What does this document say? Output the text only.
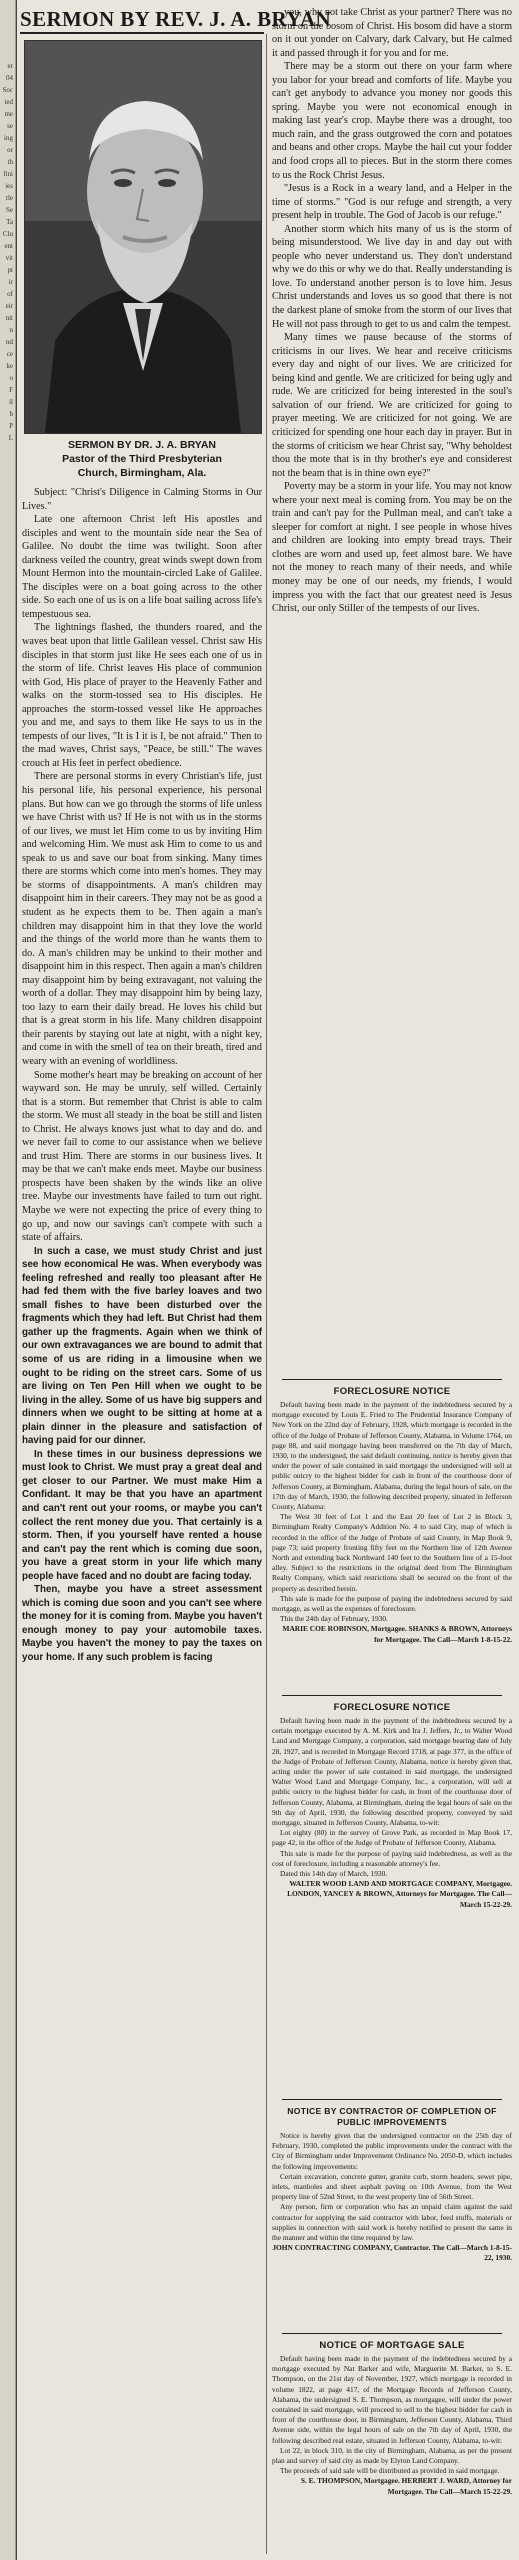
er
04
Soc
ied
me
se
ing
or
th
fini
ies
tle
Se
Ta
Clu
ent
vit
pt
ir
of
eir
nit
n
nd
ce
ke
o
F
il
h
P
L
SERMON BY REV. J. A. BRYAN
SERMON BY DR. J. A. BRYAN
Pastor of the Third Presbyterian
Church, Birmingham, Ala.

Subject: "Christ's Diligence in Calming Storms in Our Lives."

Late one afternoon Christ left His apostles and disciples and went to the mountain side near the Sea of Galilee. No doubt the time was twilight. Soon after darkness veiled the country, great winds swept down from Mount Hermon into the mountain-circled Lake of Galilee. The disciples were on a boat going across to the other side. So each one of us is on a life boat sailing across life's tempestuous sea.

The lightnings flashed, the thunders roared, and the waves beat upon that little Galilean vessel. Christ saw His disciples in that storm just like He sees each one of us in the storm of life. Christ leaves His place of communion with God, His place of prayer to the Heavenly Father and walks on the storm-tossed sea to His disciples. He approaches the storm-tossed vessel like He approaches you and me, and says to them like He says to us in the tempests of our lives, "It is I it is I, be not afraid." Then to the mad waves, Christ says, "Peace, be still." The waves crouch at His feet in perfect obedience.

There are personal storms in every Christian's life, just his personal life, his personal experience, his personal plans. But how can we go through the storms of life unless we have Christ with us? If He is not with us in the storms of our lives, we must let Him come to us by inviting Him and welcoming Him. We must ask Him to come to us and speak to us and save our boat from sinking. Many times there are storms which come into men's homes. They may be storms of disappointments. A man's children may disappoint him in their careers. They may not be as good a student as he expects them to be. Then again a man's children may disappoint him in that they love the world and the things of the world more than he wants them to do. A man's children may be unkind to their mother and disappoint him in this respect. Then again a man's children may disappoint him by being extravagant, not valuing the worth of a dollar. They may disappoint him by being lazy, too lazy to earn their daily bread. He loves his child but that is a great storm in his life. Many children disappoint their parents by staying out late at night, with a night key, and come in with the smell of tea on their breath, tired and weary with an evening of worldliness.

Some mother's heart may be breaking on account of her wayward son. He may be unruly, self willed. Certainly that is a storm. But remember that Christ is able to calm the storm. We must all steady in the boat be still and listen to Christ. He always knows just what to day and do. and we never fail to come to our assistance when we believe and trust Him. There are storms in our business lives. It may be that we can't make ends meet. Maybe our business prospects have been shaken by the winds like an olive tree. Maybe our investments have failed to turn out right. Maybe we were not expecting the price of every thing to go up, and now our savings can't compete with such a state of affairs.

In such a case, we must study Christ and just see how economical He was. When everybody was feeling refreshed and really too pleasant after He had fed them with the five barley loaves and two small fishes to have been disturbed over the fragments which they had left. But Christ had them gather up the fragments. Again when we think of our own extravagances we are bound to admit that some of us are riding in a limousine when we ought to be riding on the street cars. Some of us are living on Ten Pen Hill when we ought to be living in the alley. Some of us have big suppers and dinners when we ought to be sitting at home at a plain dinner in the pleasure and satisfaction of having paid for our dinner.

In these times in our business depressions we must look to Christ. We must pray a great deal and get closer to our Partner. We must make Him a Confidant. It may be that you have an apartment and can't rent out your rooms, or maybe you can't collect the rent money due you. That certainly is a storm. Then, if you yourself have rented a house and can't pay the rent which is coming due soon, you have a great storm in your life which many people have faced and no doubt are facing today.

Then, maybe you have a street assessment which is coming due soon and you can't see where the money for it is coming from. Maybe you haven't enough money to pay your automobile taxes. Maybe you haven't the money to pay the taxes on your home. If any such problem is facing

you, why not take Christ as your partner? There was no storm on the bosom of Christ. His bosom did have a storm on it out yonder on Calvary, dark Calvary, but He calmed it and passed through it for you and for me.

There may be a storm out there on your farm where you labor for your bread and comforts of life. Maybe you can't get anybody to advance you money nor goods this spring. Maybe you were not economical enough in making last year's crop. Maybe there was a drought, too much rain, and the grass outgrowed the corn and potatoes and beans and other crops. Maybe the hail cut your fodder and food crops all to pieces. But in the storm there comes to us the Rock Christ Jesus.

"Jesus is a Rock in a weary land, and a Helper in the time of storms." "God is our refuge and strength, a very present help in trouble. The God of Jacob is our refuge."

Another storm which hits many of us is the storm of being misunderstood. We live day in and day out with people who never understand us. They don't understand why we do this or why we do that. Really understanding is love. To understand another person is to love him. Jesus Christ understands and loves us so good that there is not the darkest plane of smoke from the storm of our lives that He will not pass through to get to us and calm the tempest.

Many times we pause because of the storms of criticisms in our lives. We hear and receive criticisms every day and night of our lives. We are criticized for being kind and gentle. We are criticized for being ugly and rude. We are criticized for being interested in the soul's salvation of our friend. We are criticized for going to prayer meeting. We are criticized for not going. We are criticized for spending one hour each day in prayer. But in the storms of criticism we hear Christ say, "Why beholdest thou the mote that is in thy brother's eye and considerest not the beam that is in thine own eye?"

Poverty may be a storm in your life. You may not know where your next meal is coming from. You may be on the train and can't pay for the Pullman meal, and can't take a sleeper for comfort at night. I see people in whose hives and children are looking into empty bread trays. Their clothes are worn and used up, feet almost bare. We have not the money to reach many of their needs, and while money may be one of our needs, my friends, I would impress you with the fact that our greatest need is Jesus Christ, our only Stiller of the tempests of our lives.

FORECLOSURE NOTICE

Default having been made in the payment of the indebtedness secured by a mortgage executed by Louis E. Fried to The Prudential Insurance Company of New York on the 22nd day of February, 1928, which mortgage is recorded in the office of the Judge of Probate of Jefferson County, Alabama, in Volume 1764, on page 88, and said mortgage having been transferred on the 7th day of March, 1930, to the undersigned, the said default continuing, notice is hereby given that under the power of sale contained in said mortgage the undersigned will sell at public outcry to the highest bidder for cash in front of the courthouse door of Jefferson County, at Birmingham, Alabama, during the legal hours of sale, on the 17th day of March, 1930, the following described property, situated in Jefferson County, Alabama:

The West 30 feet of Lot 1 and the East 20 feet of Lot 2 in Block 3, Birmingham Realty Company's Addition No. 4 to said City, map of which is recorded in the office of the Judge of Probate of said County, in Map Book 9, page 73; said property fronting fifty feet on the Northern line of 12th Avenue North and extending back Northward 140 feet to the Southern line of a 15-foot alley. Subject to the restrictions in the original deed from The Birmingham Realty Company, which said restrictions shall be secured on the front of the property as described herein.

This sale is made for the purpose of paying the indebtedness secured by said mortgage, as well as the expenses of foreclosure.

This the 24th day of February, 1930.

MARIE COE ROBINSON, Mortgagee. SHANKS & BROWN, Attorneys for Mortgagee. The Call—March 1-8-15-22.

FORECLOSURE NOTICE

Default having been made in the payment of the indebtedness secured by a certain mortgage executed by A. M. Kirk and Ira J. Jeffers, Jr., to Walter Wood Land and Mortgage Company, a corporation, said mortgage bearing date of July 28, 1927, and is recorded in Mortgage Record 1718, at page 377, in the office of the Judge of Probate of Jefferson County, Alabama, notice is hereby given that, acting under the power of sale contained in said mortgage, the undersigned Walter Wood Land and Mortgage Company, Inc., a corporation, will sell at public outcry to the highest bidder for cash, in front of the courthouse door of Jefferson County, Alabama, at Birmingham, during the legal hours of sale on the 9th day of April, 1930, the following described property, conveyed by said mortgage, situated in Jefferson County, Alabama, to-wit:

Lot eighty (80) in the survey of Grove Park, as recorded in Map Book 17, page 42, in the office of the Judge of Probate of Jefferson County, Alabama.

This sale is made for the purpose of paying said indebtedness, as well as the cost of foreclosure, including a reasonable attorney's fee.

Dated this 14th day of March, 1930.

WALTER WOOD LAND AND MORTGAGE COMPANY, Mortgagee. LONDON, YANCEY & BROWN, Attorneys for Mortgagee. The Call—March 15-22-29.

NOTICE BY CONTRACTOR OF COMPLETION OF PUBLIC IMPROVEMENTS

Notice is hereby given that the undersigned contractor on the 25th day of February, 1930, completed the public improvements under the contract with the City of Birmingham under Improvement Ordinance No. 2050-D, which includes the following improvements:

Certain excavation, concrete gutter, granite curb, storm headers, sewer pipe, inlets, manholes and sheet asphalt paving on 10th Avenue, from the West property line of 52nd Street, to the west property line of 56th Street.

Any person, firm or corporation who has an unpaid claim against the said contractor for supplying the said contractor with labor, feed stuffs, materials or supplies in connection with said work is hereby notified to present the same in the manner and within the time required by law.

JOHN CONTRACTING COMPANY, Contractor. The Call—March 1-8-15-22, 1930.

NOTICE OF MORTGAGE SALE

Default having been made in the payment of the indebtedness secured by a mortgage executed by Nat Barker and wife, Marguerite M. Barker, to S. E. Thompson, on the 21st day of November, 1927, which mortgage is recorded in volume 1822, at page 417, of the Mortgage Records of Jefferson County, Alabama, the undersigned S. E. Thompson, as mortgagee, will under the power contained in said mortgage, will proceed to sell to the highest bidder for cash in front of the courthouse door, in Birmingham, Jefferson County, Alabama, Third Avenue side, within the legal hours of sale on the 7th day of April, 1930, the following described real estate, situated in Jefferson County, Alabama, to-wit:

Lot 22, in block 310, in the city of Birmingham, Alabama, as per the present plan and survey of said city as made by Elyton Land Company.

The proceeds of said sale will be distributed as provided in said mortgage.

S. E. THOMPSON, Mortgagee. HERBERT J. WARD, Attorney for Mortgagee. The Call—March 15-22-29.
